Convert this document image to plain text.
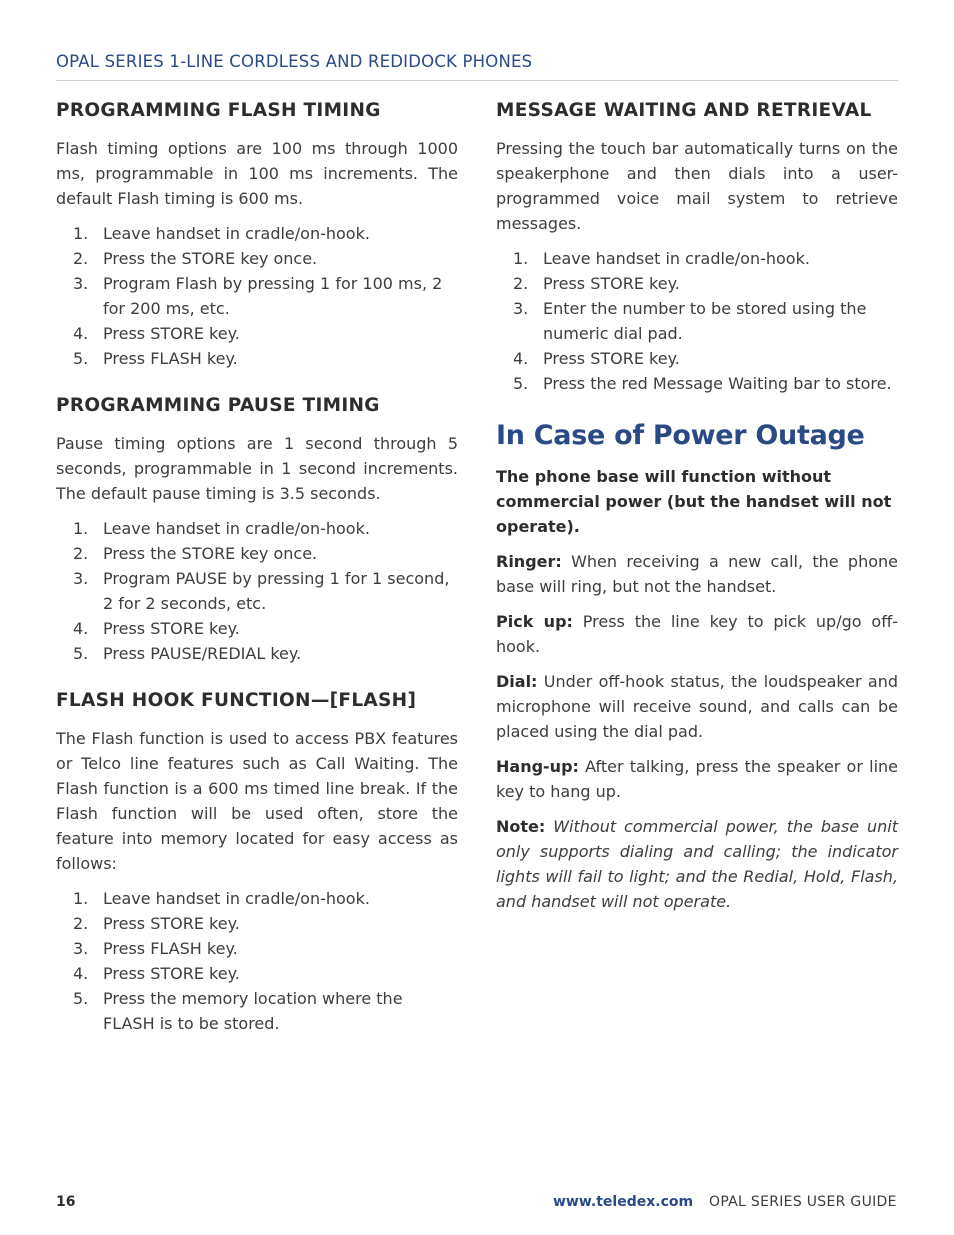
OPAL SERIES 1-LINE CORDLESS AND REDIDOCK PHONES
PROGRAMMING FLASH TIMING

Flash timing options are 100 ms through 1000 ms, programmable in 100 ms increments. The default Flash timing is 600 ms.

1. Leave handset in cradle/on-hook.
2. Press the STORE key once.
3. Program Flash by pressing 1 for 100 ms, 2 for 200 ms, etc.
4. Press STORE key.
5. Press FLASH key.
PROGRAMMING PAUSE TIMING

Pause timing options are 1 second through 5 seconds, programmable in 1 second increments. The default pause timing is 3.5 seconds.

1. Leave handset in cradle/on-hook.
2. Press the STORE key once.
3. Program PAUSE by pressing 1 for 1 second, 2 for 2 seconds, etc.
4. Press STORE key.
5. Press PAUSE/REDIAL key.
FLASH HOOK FUNCTION—[FLASH]

The Flash function is used to access PBX features or Telco line features such as Call Waiting. The Flash function is a 600 ms timed line break. If the Flash function will be used often, store the feature into memory located for easy access as follows:

1. Leave handset in cradle/on-hook.
2. Press STORE key.
3. Press FLASH key.
4. Press STORE key.
5. Press the memory location where the FLASH is to be stored.
MESSAGE WAITING AND RETRIEVAL

Pressing the touch bar automatically turns on the speakerphone and then dials into a user-programmed voice mail system to retrieve messages.

1. Leave handset in cradle/on-hook.
2. Press STORE key.
3. Enter the number to be stored using the numeric dial pad.
4. Press STORE key.
5. Press the red Message Waiting bar to store.
In Case of Power Outage

The phone base will function without commercial power (but the handset will not operate).

Ringer: When receiving a new call, the phone base will ring, but not the handset.

Pick up: Press the line key to pick up/go off-hook.

Dial: Under off-hook status, the loudspeaker and microphone will receive sound, and calls can be placed using the dial pad.

Hang-up: After talking, press the speaker or line key to hang up.

Note: Without commercial power, the base unit only supports dialing and calling; the indicator lights will fail to light; and the Redial, Hold, Flash, and handset will not operate.

16	www.teledex.com OPAL SERIES USER GUIDE
